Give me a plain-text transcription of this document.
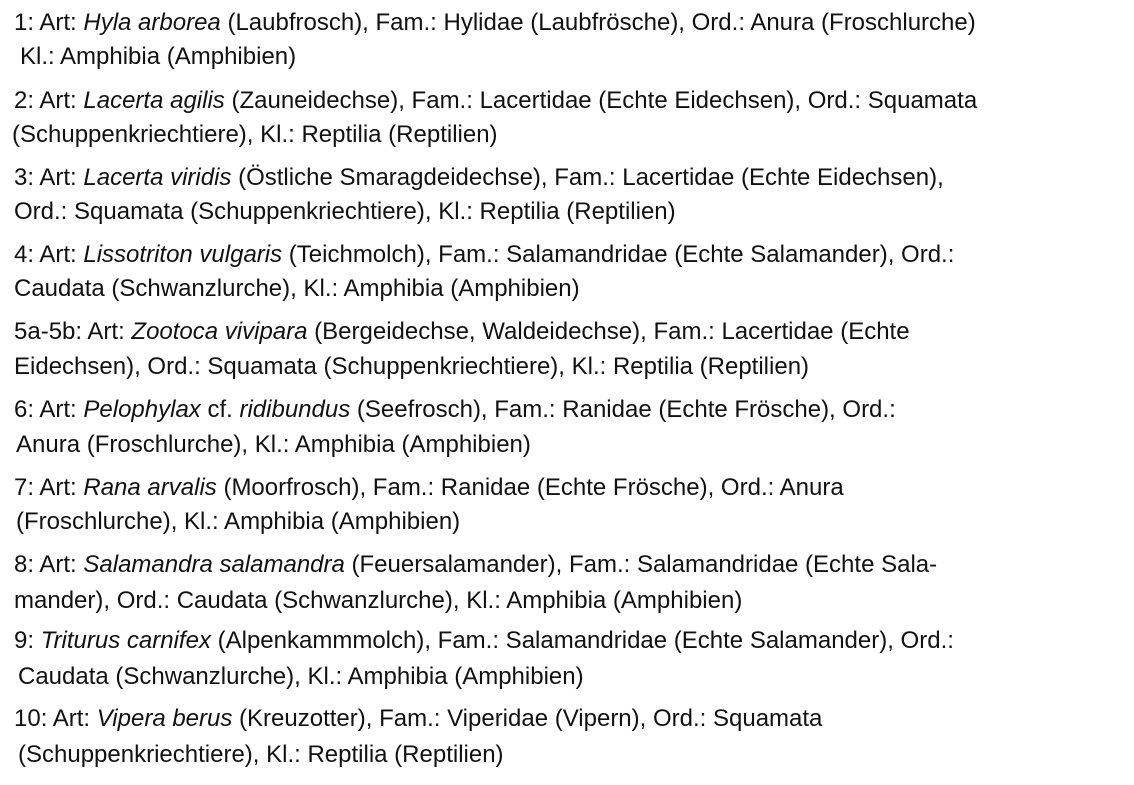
1: Art: Hyla arborea (Laubfrosch), Fam.: Hylidae (Laubfrösche), Ord.: Anura (Froschlurche)
Kl.: Amphibia (Amphibien)
2: Art: Lacerta agilis (Zauneidechse), Fam.: Lacertidae (Echte Eidechsen), Ord.: Squamata
(Schuppenkriechtiere), Kl.: Reptilia (Reptilien)
3: Art: Lacerta viridis (Östliche Smaragdeidechse), Fam.: Lacertidae (Echte Eidechsen),
Ord.: Squamata (Schuppenkriechtiere), Kl.: Reptilia (Reptilien)
4: Art: Lissotriton vulgaris (Teichmolch), Fam.: Salamandridae (Echte Salamander), Ord.:
Caudata (Schwanzlurche), Kl.: Amphibia (Amphibien)
5a-5b: Art: Zootoca vivipara (Bergeidechse, Waldeidechse), Fam.: Lacertidae (Echte
Eidechsen), Ord.: Squamata (Schuppenkriechtiere), Kl.: Reptilia (Reptilien)
6: Art: Pelophylax cf. ridibundus (Seefrosch), Fam.: Ranidae (Echte Frösche), Ord.:
Anura (Froschlurche), Kl.: Amphibia (Amphibien)
7: Art: Rana arvalis (Moorfrosch), Fam.: Ranidae (Echte Frösche), Ord.: Anura
(Froschlurche), Kl.: Amphibia (Amphibien)
8: Art: Salamandra salamandra (Feuersalamander), Fam.: Salamandridae (Echte Sala-
mander), Ord.: Caudata (Schwanzlurche), Kl.: Amphibia (Amphibien)
9: Triturus carnifex (Alpenkammmolch), Fam.: Salamandridae (Echte Salamander), Ord.:
Caudata (Schwanzlurche), Kl.: Amphibia (Amphibien)
10: Art: Vipera berus (Kreuzotter), Fam.: Viperidae (Vipern), Ord.: Squamata
(Schuppenkriechtiere), Kl.: Reptilia (Reptilien)
